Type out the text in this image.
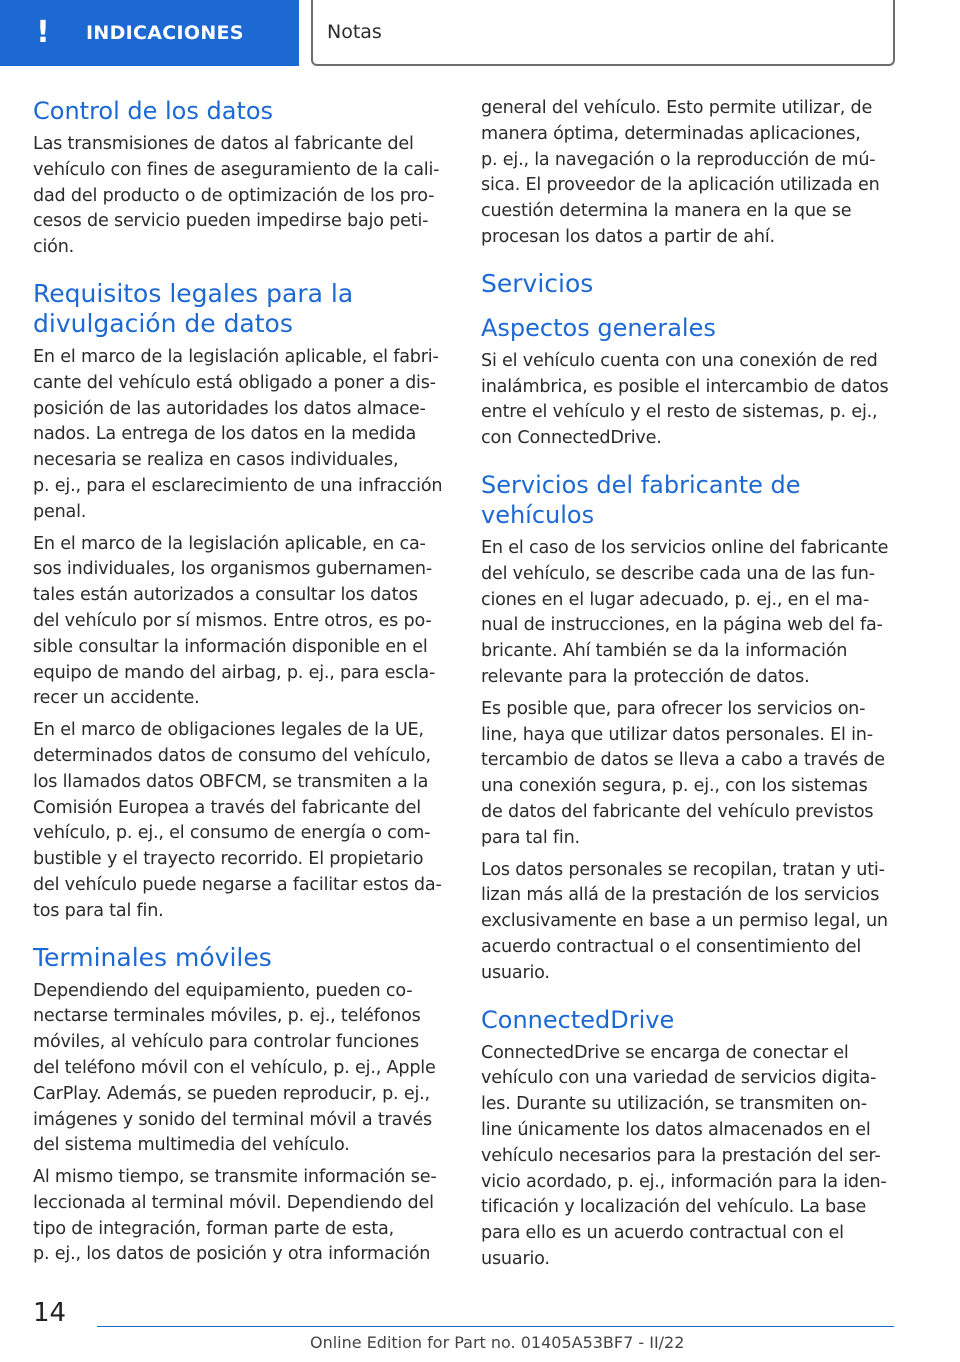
!	INDICACIONES	Notas
Control de los datos
Las transmisiones de datos al fabricante del
vehículo con fines de aseguramiento de la cali-
dad del producto o de optimización de los pro-
cesos de servicio pueden impedirse bajo peti-
ción.
Requisitos legales para la
divulgación de datos
En el marco de la legislación aplicable, el fabri-
cante del vehículo está obligado a poner a dis-
posición de las autoridades los datos almace-
nados. La entrega de los datos en la medida
necesaria se realiza en casos individuales,
p. ej., para el esclarecimiento de una infracción
penal.
En el marco de la legislación aplicable, en ca-
sos individuales, los organismos gubernamen-
tales están autorizados a consultar los datos
del vehículo por sí mismos. Entre otros, es po-
sible consultar la información disponible en el
equipo de mando del airbag, p. ej., para escla-
recer un accidente.
En el marco de obligaciones legales de la UE,
determinados datos de consumo del vehículo,
los llamados datos OBFCM, se transmiten a la
Comisión Europea a través del fabricante del
vehículo, p. ej., el consumo de energía o com-
bustible y el trayecto recorrido. El propietario
del vehículo puede negarse a facilitar estos da-
tos para tal fin.
Terminales móviles
Dependiendo del equipamiento, pueden co-
nectarse terminales móviles, p. ej., teléfonos
móviles, al vehículo para controlar funciones
del teléfono móvil con el vehículo, p. ej., Apple
CarPlay. Además, se pueden reproducir, p. ej.,
imágenes y sonido del terminal móvil a través
del sistema multimedia del vehículo.
Al mismo tiempo, se transmite información se-
leccionada al terminal móvil. Dependiendo del
tipo de integración, forman parte de esta,
p. ej., los datos de posición y otra información
general del vehículo. Esto permite utilizar, de
manera óptima, determinadas aplicaciones,
p. ej., la navegación o la reproducción de mú-
sica. El proveedor de la aplicación utilizada en
cuestión determina la manera en la que se
procesan los datos a partir de ahí.
Servicios
Aspectos generales
Si el vehículo cuenta con una conexión de red
inalámbrica, es posible el intercambio de datos
entre el vehículo y el resto de sistemas, p. ej.,
con ConnectedDrive.
Servicios del fabricante de vehículos
En el caso de los servicios online del fabricante
del vehículo, se describe cada una de las fun-
ciones en el lugar adecuado, p. ej., en el ma-
nual de instrucciones, en la página web del fa-
bricante. Ahí también se da la información
relevante para la protección de datos.
Es posible que, para ofrecer los servicios on-
line, haya que utilizar datos personales. El in-
tercambio de datos se lleva a cabo a través de
una conexión segura, p. ej., con los sistemas
de datos del fabricante del vehículo previstos
para tal fin.
Los datos personales se recopilan, tratan y uti-
lizan más allá de la prestación de los servicios
exclusivamente en base a un permiso legal, un
acuerdo contractual o el consentimiento del
usuario.
ConnectedDrive
ConnectedDrive se encarga de conectar el
vehículo con una variedad de servicios digita-
les. Durante su utilización, se transmiten on-
line únicamente los datos almacenados en el
vehículo necesarios para la prestación del ser-
vicio acordado, p. ej., información para la iden-
tificación y localización del vehículo. La base
para ello es un acuerdo contractual con el
usuario.
14
Online Edition for Part no. 01405A53BF7 - II/22
